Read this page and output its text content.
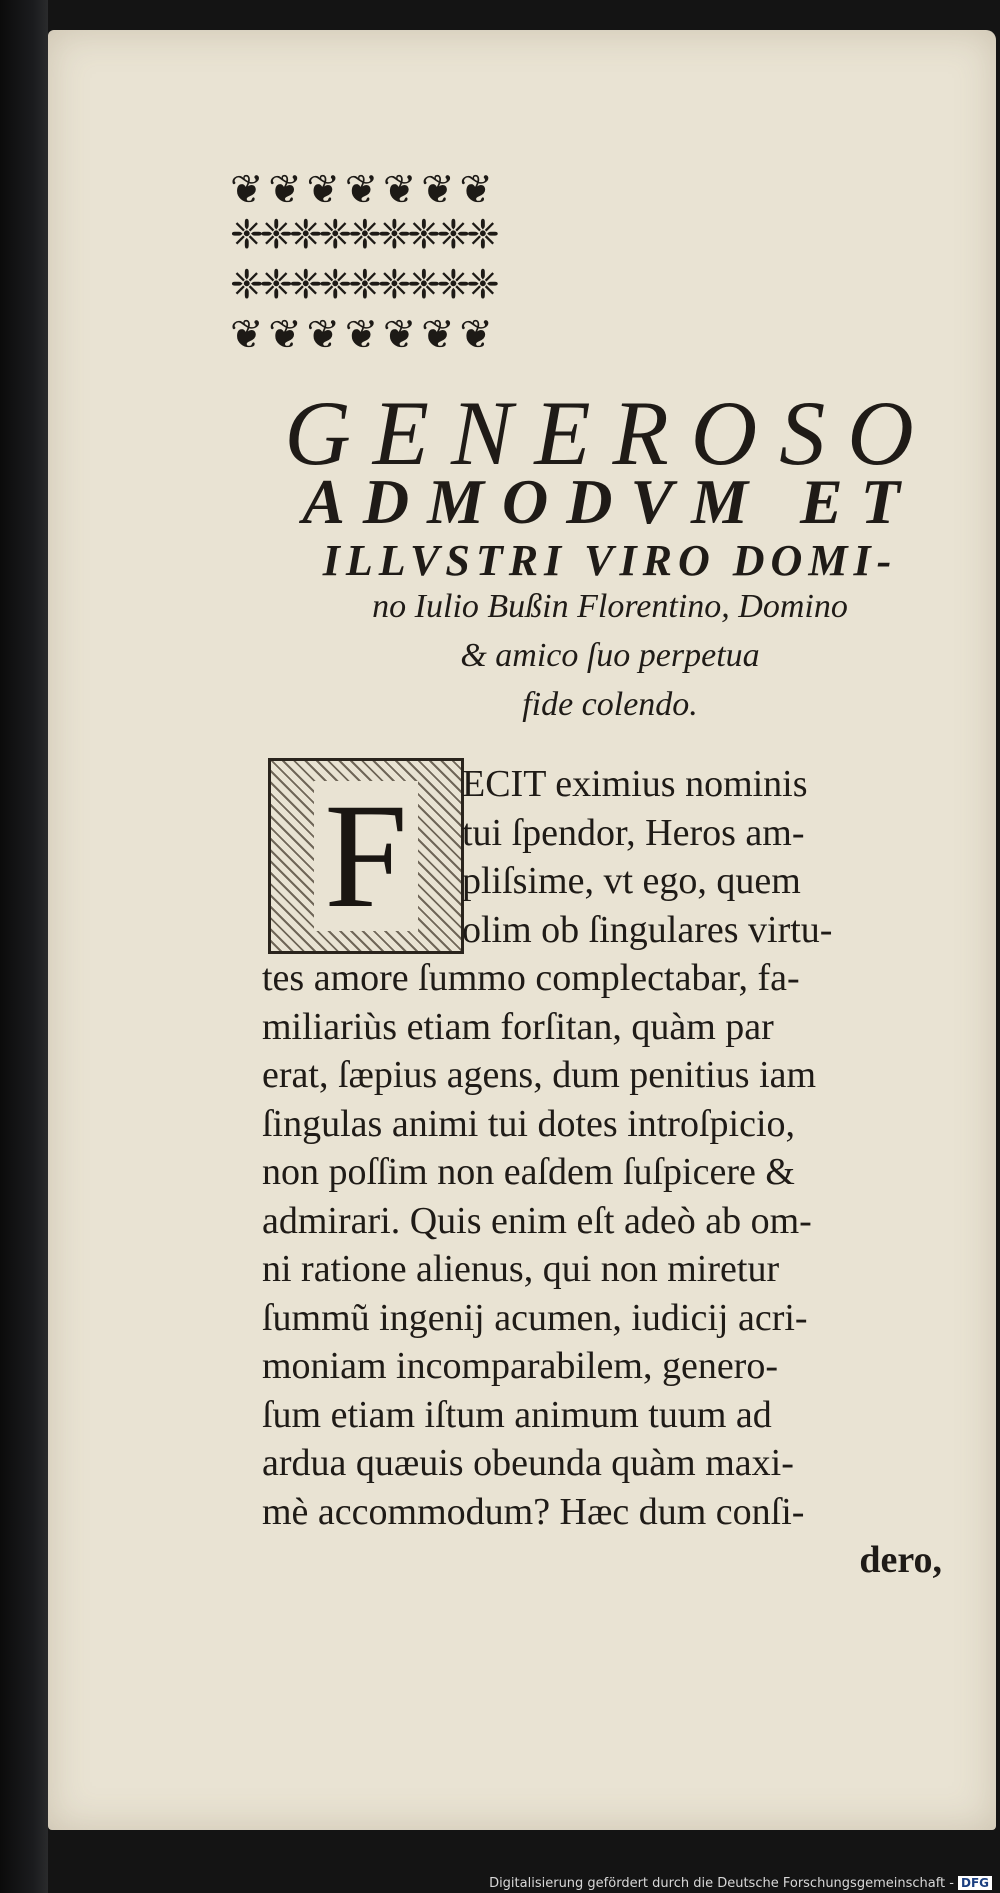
❦ ❦ ❦ ❦ ❦ ❦ ❦
❈❈❈❈❈❈❈❈❈
❈❈❈❈❈❈❈❈❈
❦ ❦ ❦ ❦ ❦ ❦ ❦
GENEROSO
ADMODVM ET
ILLVSTRI VIRO DOMI-
no Iulio Bußin Florentino, Domino
& amico ſuo perpetua
fide colendo.
F ECIT eximius nominis
tui ſpendor, Heros am-
pliſsime, vt ego, quem
olim ob ſingulares virtu-
tes amore ſummo complectabar, fa-
miliariùs etiam forſitan, quàm par
erat, ſæpius agens, dum penitius iam
ſingulas animi tui dotes introſpicio,
non poſſim non eaſdem ſuſpicere &
admirari. Quis enim eſt adeò ab om-
ni ratione alienus, qui non miretur
ſummũ ingenij acumen, iudicij acri-
moniam incomparabilem, genero-
ſum etiam iſtum animum tuum ad
ardua quæuis obeunda quàm maxi-
mè accommodum? Hæc dum conſi-
dero,
Digitalisierung gefördert durch die Deutsche Forschungsgemeinschaft - DFG
